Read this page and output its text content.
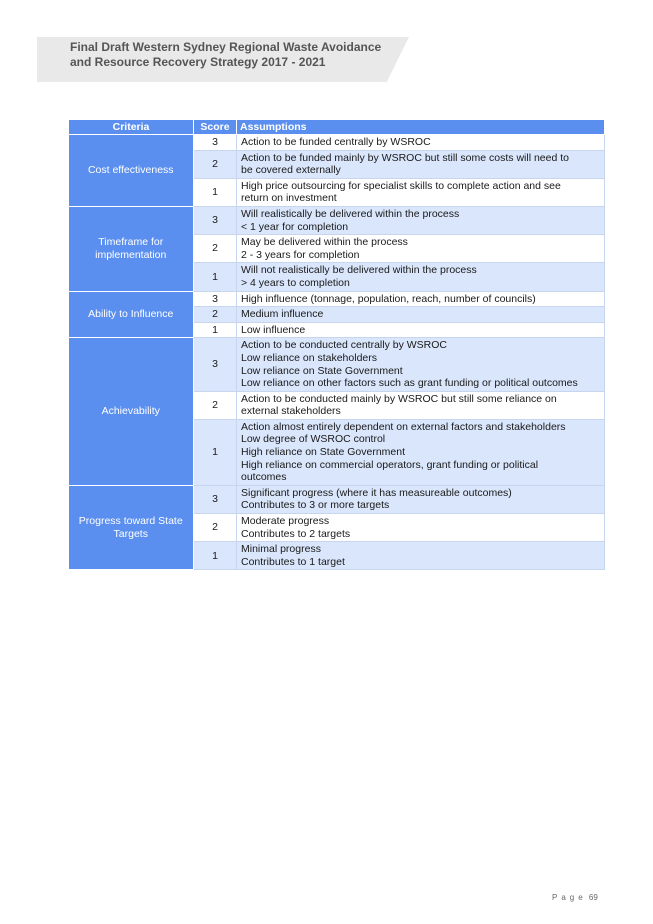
Final Draft Western Sydney Regional Waste Avoidance
and Resource Recovery Strategy 2017 - 2021
Criteria	Score	Assumptions
Cost effectiveness	3	Action to be funded centrally by WSROC

	2	Action to be funded mainly by WSROC but still some costs will need to
be covered externally

	1	High price outsourcing for specialist skills to complete action and see
return on investment

Timeframe for
implementation	3	Will realistically be delivered within the process
< 1 year for completion

	2	May be delivered within the process
2 - 3 years for completion

	1	Will not realistically be delivered within the process
> 4 years to completion

Ability to Influence	3	High influence (tonnage, population, reach, number of councils)

	2	Medium influence

	1	Low influence

Achievability	3	Action to be conducted centrally by WSROC
Low reliance on stakeholders
Low reliance on State Government
Low reliance on other factors such as grant funding or political outcomes

	2	Action to be conducted mainly by WSROC but still some reliance on
external stakeholders

	1	Action almost entirely dependent on external factors and stakeholders
Low degree of WSROC control
High reliance on State Government
High reliance on commercial operators, grant funding or political
outcomes

Progress toward State
Targets	3	Significant progress (where it has measureable outcomes)
Contributes to 3 or more targets

	2	Moderate progress
Contributes to 2 targets

	1	Minimal progress
Contributes to 1 target
Page 69
